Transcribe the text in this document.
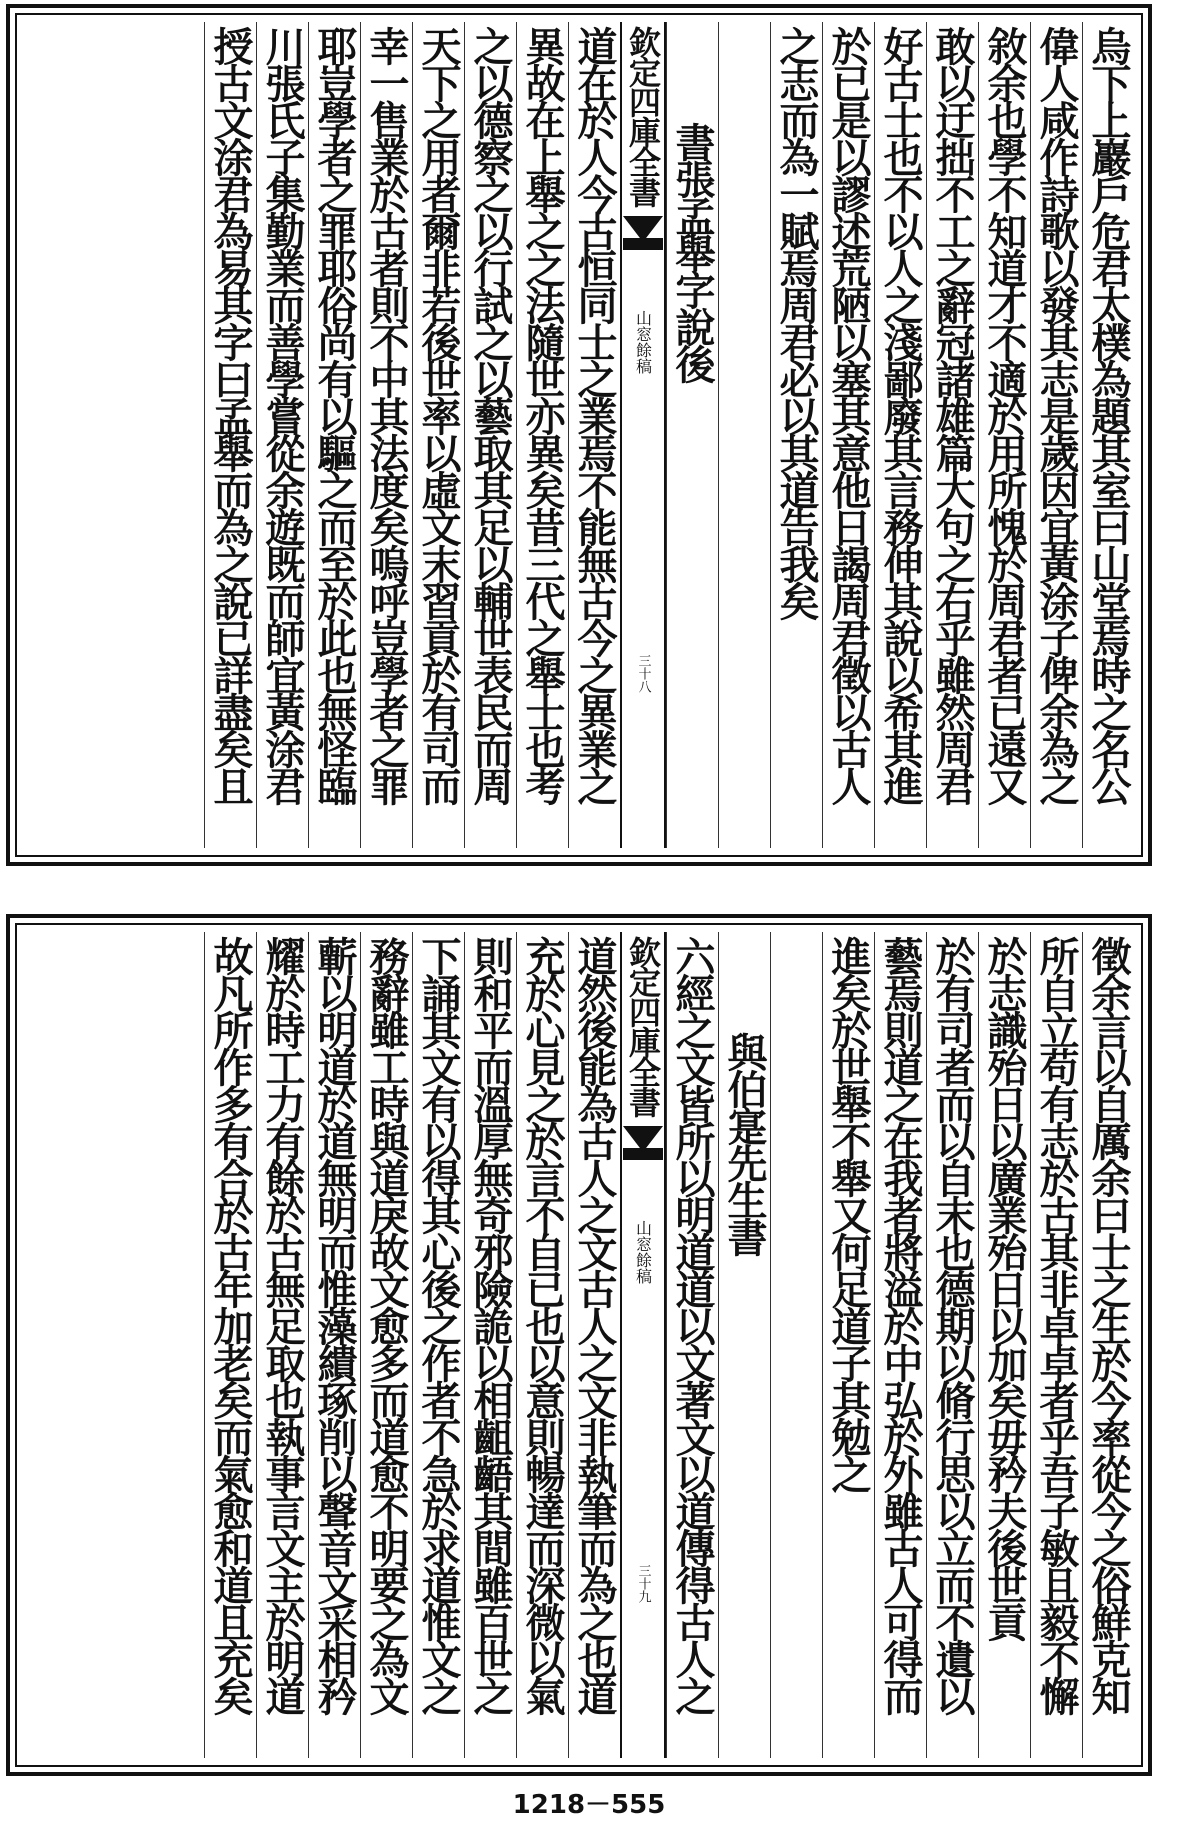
烏下上巖戶危君太樸為題其室曰山堂焉時之名公
偉人咸作詩歌以發其志是歲因宜黃涂子俾余為之
敘余也學不知道才不適於用所愧於周君者已遠又
敢以迂拙不工之辭冠諸雄篇大句之右乎雖然周君
好古士也不以人之淺鄙廢其言務伸其說以希其進
於已是以謬述荒陋以塞其意他日謁周君徵以古人
之志而為一賦焉周君必以其道告我矣
書張孟舉字說後
欽定四庫全書
山窓餘稿
三十八
道在於人今古恒同士之業焉不能無古今之異業之
異故在上舉之之法隨世亦異矣昔三代之舉士也考
之以德察之以行試之以藝取其足以輔世表民而周
天下之用者爾非若後世率以虛文末習貢於有司而
幸一售業於古者則不中其法度矣嗚呼豈學者之罪
耶豈學者之罪耶俗尚有以驅之而至於此也無怪臨
川張氏子集勤業而善學嘗從余遊既而師宜黃涂君
授古文涂君為易其字曰孟舉而為之說已詳盡矣且
徵余言以自厲余曰士之生於今率從今之俗鮮克知
所自立苟有志於古其非卓卓者乎吾子敏且毅不懈
於志識殆日以廣業殆日以加矣毋矜夫後世貢
於有司者而以自末也德期以脩行思以立而不遺以
藝焉則道之在我者將溢於中弘於外雖古人可得而
進矣於世舉不舉又何足道子其勉之
與伯寔先生書
六經之文皆所以明道道以文著文以道傳得古人之
欽定四庫全書
山窓餘稿
三十九
道然後能為古人之文古人之文非執筆而為之也道
充於心見之於言不自已也以意則暢達而深微以氣
則和平而溫厚無奇邪險詭以相齟齬其間雖百世之
下誦其文有以得其心後之作者不急於求道惟文之
務辭雖工時與道戾故文愈多而道愈不明要之為文
蘄以明道於道無明而惟藻繢琢削以聲音文采相矜
耀於時工力有餘於古無足取也執事言文主於明道
故凡所作多有合於古年加老矣而氣愈和道且充矣
1218－555
